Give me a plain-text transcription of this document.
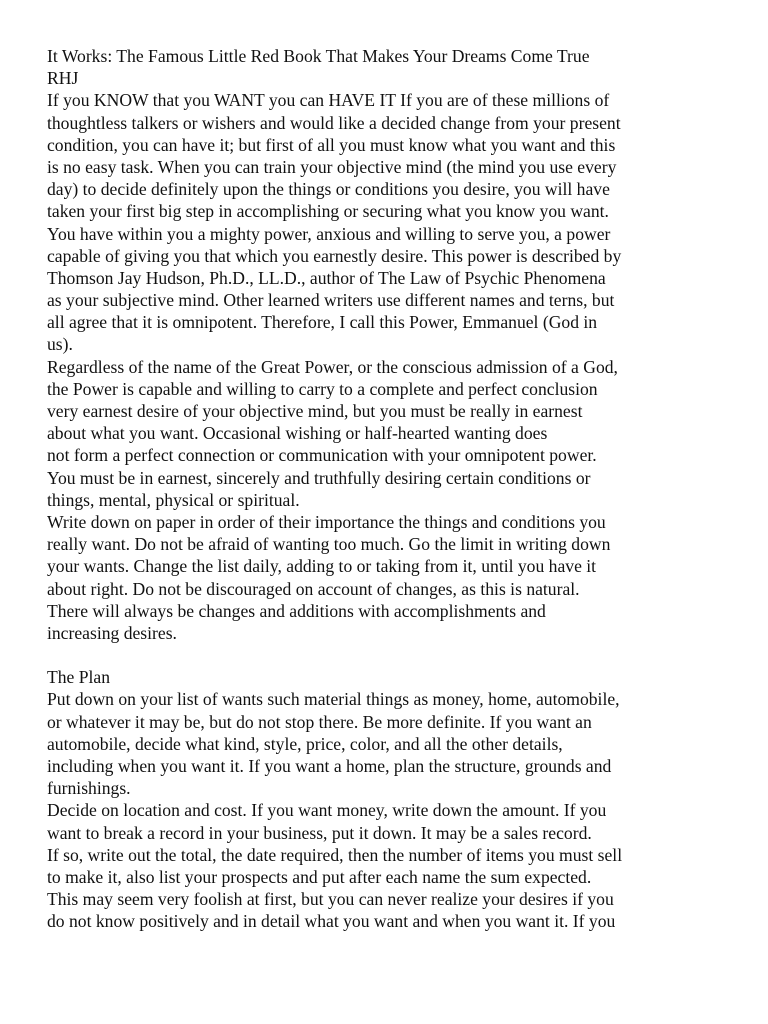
It Works: The Famous Little Red Book That Makes Your Dreams Come True
RHJ
If you KNOW that you WANT you can HAVE IT If you are of these millions of
thoughtless talkers or wishers and would like a decided change from your present
condition, you can have it; but first of all you must know what you want and this
is no easy task. When you can train your objective mind (the mind you use every
day) to decide definitely upon the things or conditions you desire, you will have
taken your first big step in accomplishing or securing what you know you want.
You have within you a mighty power, anxious and willing to serve you, a power
capable of giving you that which you earnestly desire. This power is described by
Thomson Jay Hudson, Ph.D., LL.D., author of The Law of Psychic Phenomena
as your subjective mind. Other learned writers use different names and terns, but
all agree that it is omnipotent. Therefore, I call this Power, Emmanuel (God in
us).
Regardless of the name of the Great Power, or the conscious admission of a God,
the Power is capable and willing to carry to a complete and perfect conclusion
very earnest desire of your objective mind, but you must be really in earnest
about what you want. Occasional wishing or half-hearted wanting does
not form a perfect connection or communication with your omnipotent power.
You must be in earnest, sincerely and truthfully desiring certain conditions or
things, mental, physical or spiritual.
Write down on paper in order of their importance the things and conditions you
really want. Do not be afraid of wanting too much. Go the limit in writing down
your wants. Change the list daily, adding to or taking from it, until you have it
about right. Do not be discouraged on account of changes, as this is natural.
There will always be changes and additions with accomplishments and
increasing desires.
The Plan
Put down on your list of wants such material things as money, home, automobile,
or whatever it may be, but do not stop there. Be more definite. If you want an
automobile, decide what kind, style, price, color, and all the other details,
including when you want it. If you want a home, plan the structure, grounds and
furnishings.
Decide on location and cost. If you want money, write down the amount. If you
want to break a record in your business, put it down. It may be a sales record.
If so, write out the total, the date required, then the number of items you must sell
to make it, also list your prospects and put after each name the sum expected.
This may seem very foolish at first, but you can never realize your desires if you
do not know positively and in detail what you want and when you want it. If you
